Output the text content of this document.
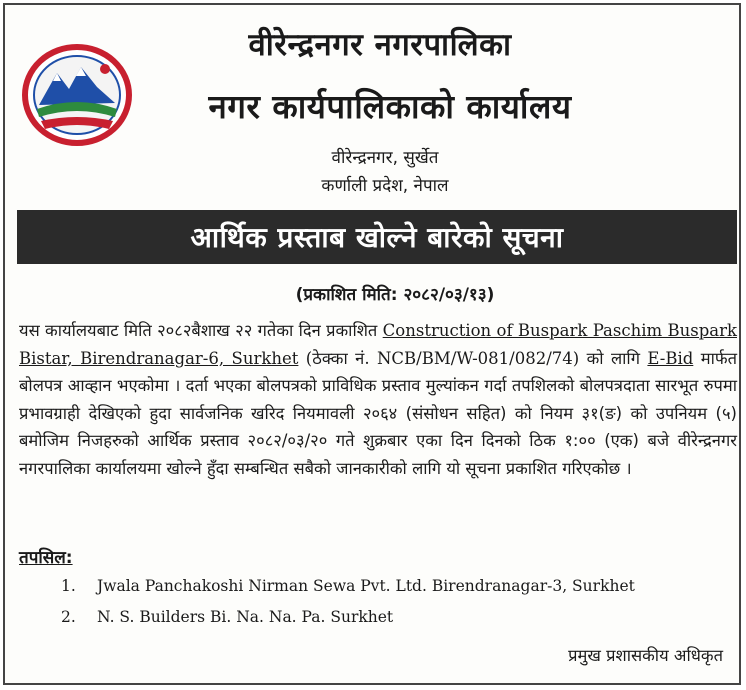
वीरेन्द्रनगर नगरपालिका
नगर कार्यपालिकाको कार्यालय
वीरेन्द्रनगर, सुर्खेत
कर्णाली प्रदेश, नेपाल
आर्थिक प्रस्ताब खोल्ने बारेको सूचना
(प्रकाशित मिति: २०८२/०३/१३)
यस कार्यालयबाट मिति २०८२बैशाख २२ गतेका दिन प्रकाशित Construction of Buspark Paschim Buspark Bistar, Birendranagar-6, Surkhet (ठेक्का नं. NCB/BM/W-081/082/74) को लागि E-Bid मार्फत बोलपत्र आव्हान भएकोमा । दर्ता भएका बोलपत्रको प्राविधिक प्रस्ताव मुल्यांकन गर्दा तपशिलको बोलपत्रदाता सारभूत रुपमा प्रभावग्राही देखिएको हुदा सार्वजनिक खरिद नियमावली २०६४ (संसोधन सहित) को नियम ३१(ङ) को उपनियम (५) बमोजिम निजहरुको आर्थिक प्रस्ताव २०८२/०३/२० गते शुक्रबार एका दिन दिनको ठिक १:०० (एक) बजे वीरेन्द्रनगर नगरपालिका कार्यालयमा खोल्ने हुँदा सम्बन्धित सबैको जानकारीको लागि यो सूचना प्रकाशित गरिएकोछ ।
तपसिल:
1.	Jwala Panchakoshi Nirman Sewa Pvt. Ltd. Birendranagar-3, Surkhet
2.	N. S. Builders Bi. Na. Na. Pa. Surkhet
प्रमुख प्रशासकीय अधिकृत
